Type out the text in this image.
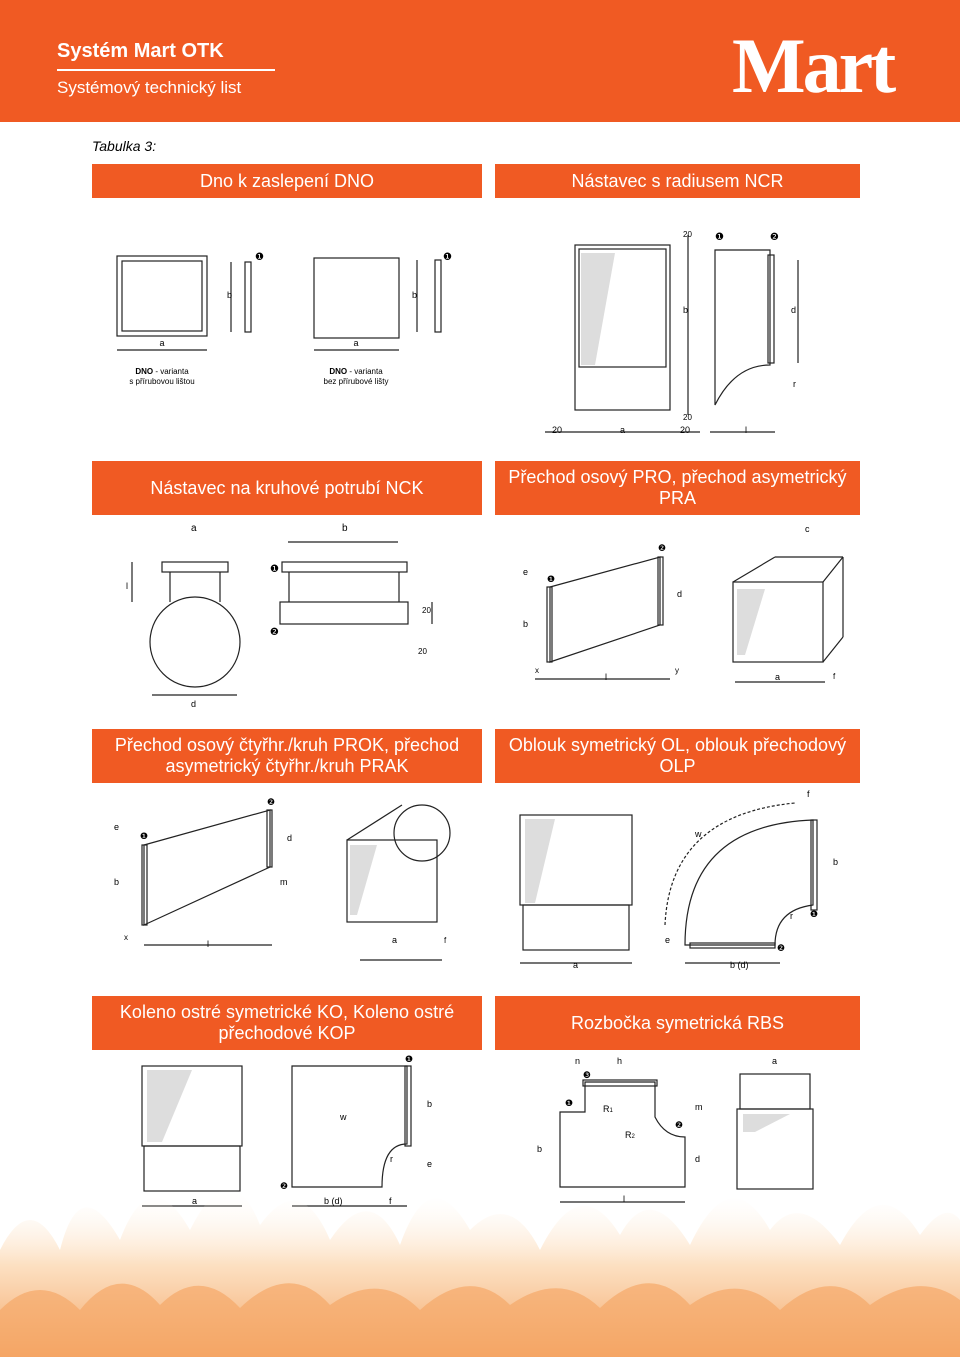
Systém Mart OTK
Systémový technický list	Mart
Tabulka 3:
Dno k zaslepení DNO	Nástavec s radiusem NCR
Nástavec na kruhové potrubí NCK
Přechod osový PRO, přechod asymetrický PRA
Přechod osový čtyřhr./kruh PROK, přechod asymetrický čtyřhr./kruh PRAK
Oblouk symetrický OL, oblouk přechodový OLP
Koleno ostré symetrické KO, Koleno ostré přechodové KOP
Rozbočka symetrická RBS
a
b
a
b
❶	❶
DNO - varianta
s přírubovou lištou
DNO - varianta
bez přírubové lišty
20	a	20	l
b	d
r
20
20
❶	❷
a	b
l
d
20
20
❶
❷
c
d
b
e
x
l
y
a	f
❶
❷
e
b
d
m
x
l	a	f
❶
❷
a	b (d)
w
b
e
f
r ❶
❷
a	b (d)	f
w
b
e
r
❶
❷
n	h	a
b
m
d
l
R1
R2
❶
❷
❸
